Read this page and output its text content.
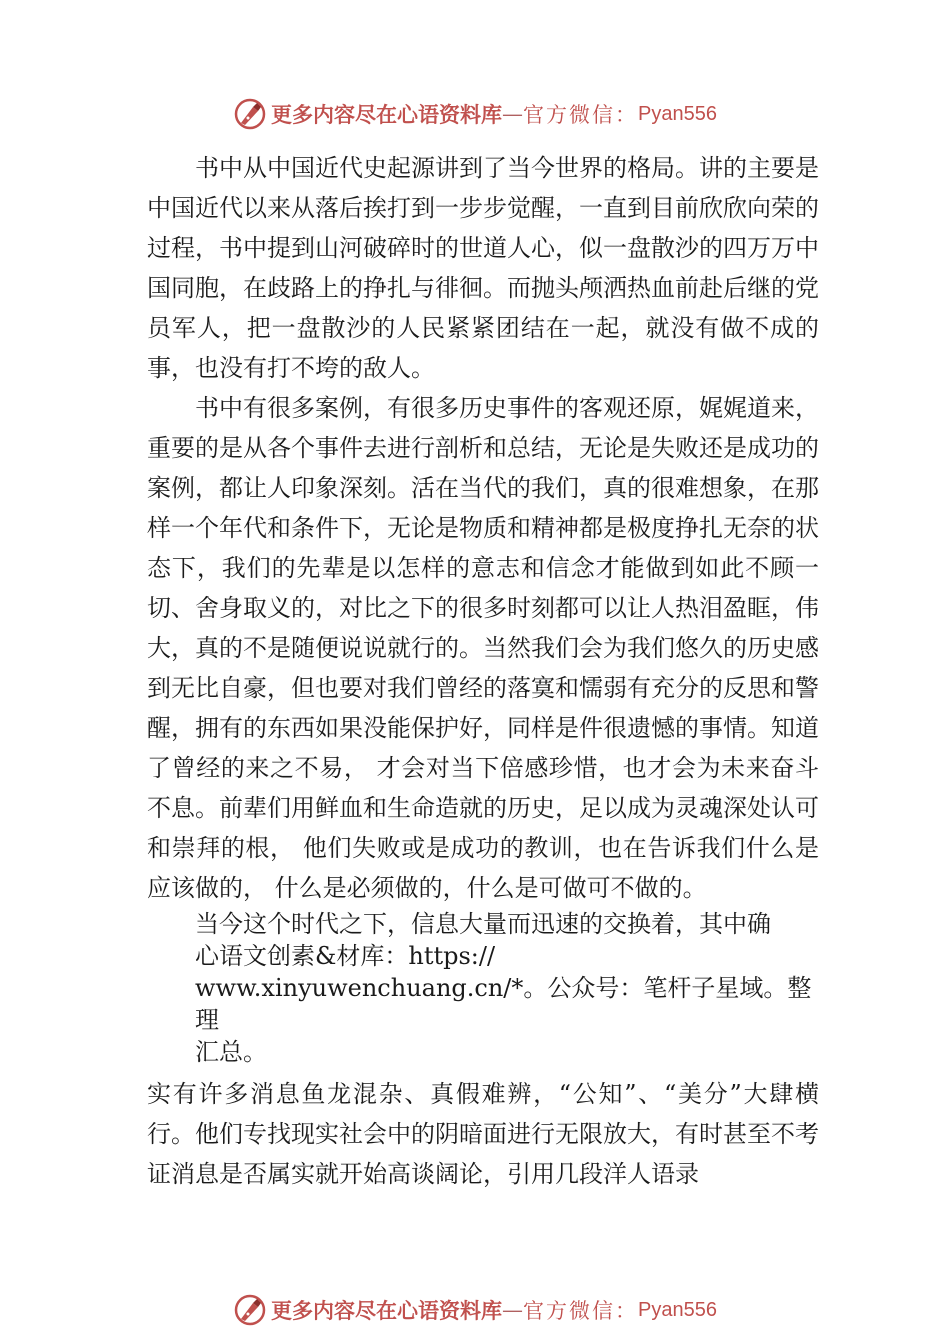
更多内容尽在心语资料库 — 官方微信： Pyan556

书中从中国近代史起源讲到了当今世界的格局。讲的主要是中国近代以来从落后挨打到一步步觉醒，一直到目前欣欣向荣的过程，书中提到山河破碎时的世道人心，似一盘散沙的四万万中国同胞，在歧路上的挣扎与徘徊。而抛头颅洒热血前赴后继的党员军人，把一盘散沙的人民紧紧团结在一起，就没有做不成的事，也没有打不垮的敌人。

书中有很多案例，有很多历史事件的客观还原，娓娓道来，重要的是从各个事件去进行剖析和总结，无论是失败还是成功的案例，都让人印象深刻。活在当代的我们，真的很难想象，在那样一个年代和条件下，无论是物质和精神都是极度挣扎无奈的状态下，我们的先辈是以怎样的意志和信念才能做到如此不顾一切、舍身取义的，对比之下的很多时刻都可以让人热泪盈眶，伟大，真的不是随便说说就行的。当然我们会为我们悠久的历史感到无比自豪，但也要对我们曾经的落寞和懦弱有充分的反思和警醒，拥有的东西如果没能保护好，同样是件很遗憾的事情。知道了曾经的来之不易， 才会对当下倍感珍惜，也才会为未来奋斗不息。前辈们用鲜血和生命造就的历史，足以成为灵魂深处认可和崇拜的根， 他们失败或是成功的教训，也在告诉我们什么是应该做的， 什么是必须做的，什么是可做可不做的。

当今这个时代之下，信息大量而迅速的交换着，其中确
心语文创素&材库：https://
www.xinyuwenchuang.cn/*。公众号：笔杆子星域。整理
汇总。

实有许多消息鱼龙混杂、真假难辨，“公知”、“美分”大肆横行。他们专找现实社会中的阴暗面进行无限放大，有时甚至不考证消息是否属实就开始高谈阔论，引用几段洋人语录

更多内容尽在心语资料库 — 官方微信： Pyan556
